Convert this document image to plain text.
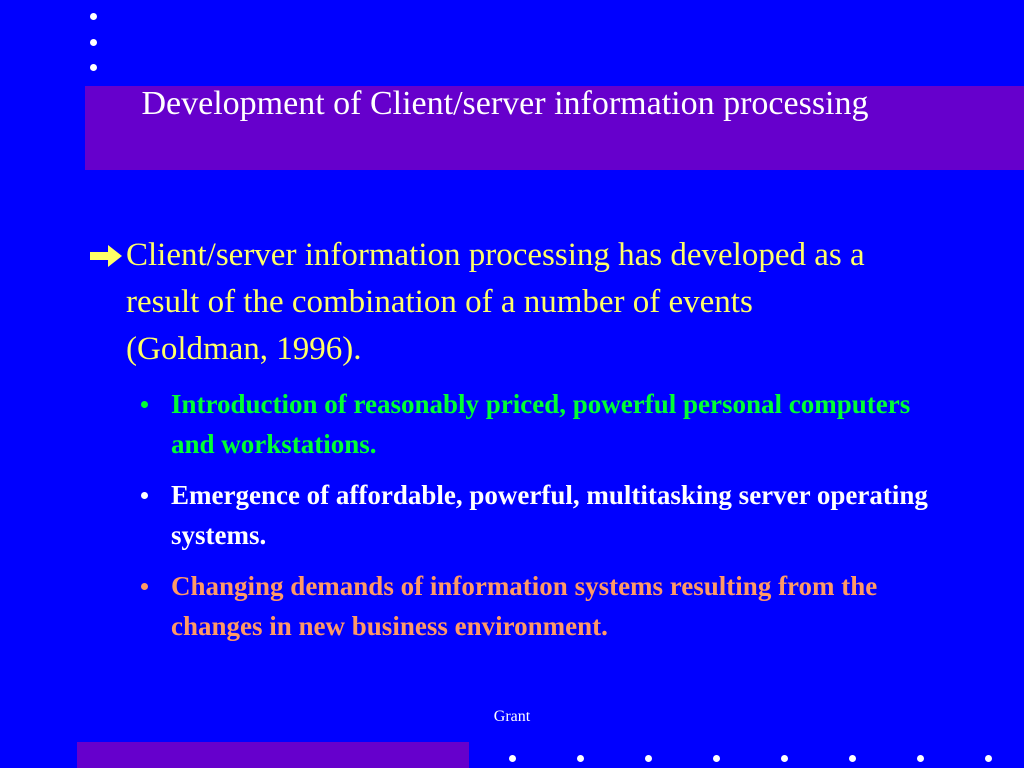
Development of Client/server information processing
Client/server information processing has developed as a result of the combination of a number of events (Goldman, 1996).
Introduction of reasonably priced, powerful personal computers and workstations.
Emergence of affordable, powerful, multitasking server operating systems.
Changing demands of information systems resulting from the changes in new business environment.
Grant
